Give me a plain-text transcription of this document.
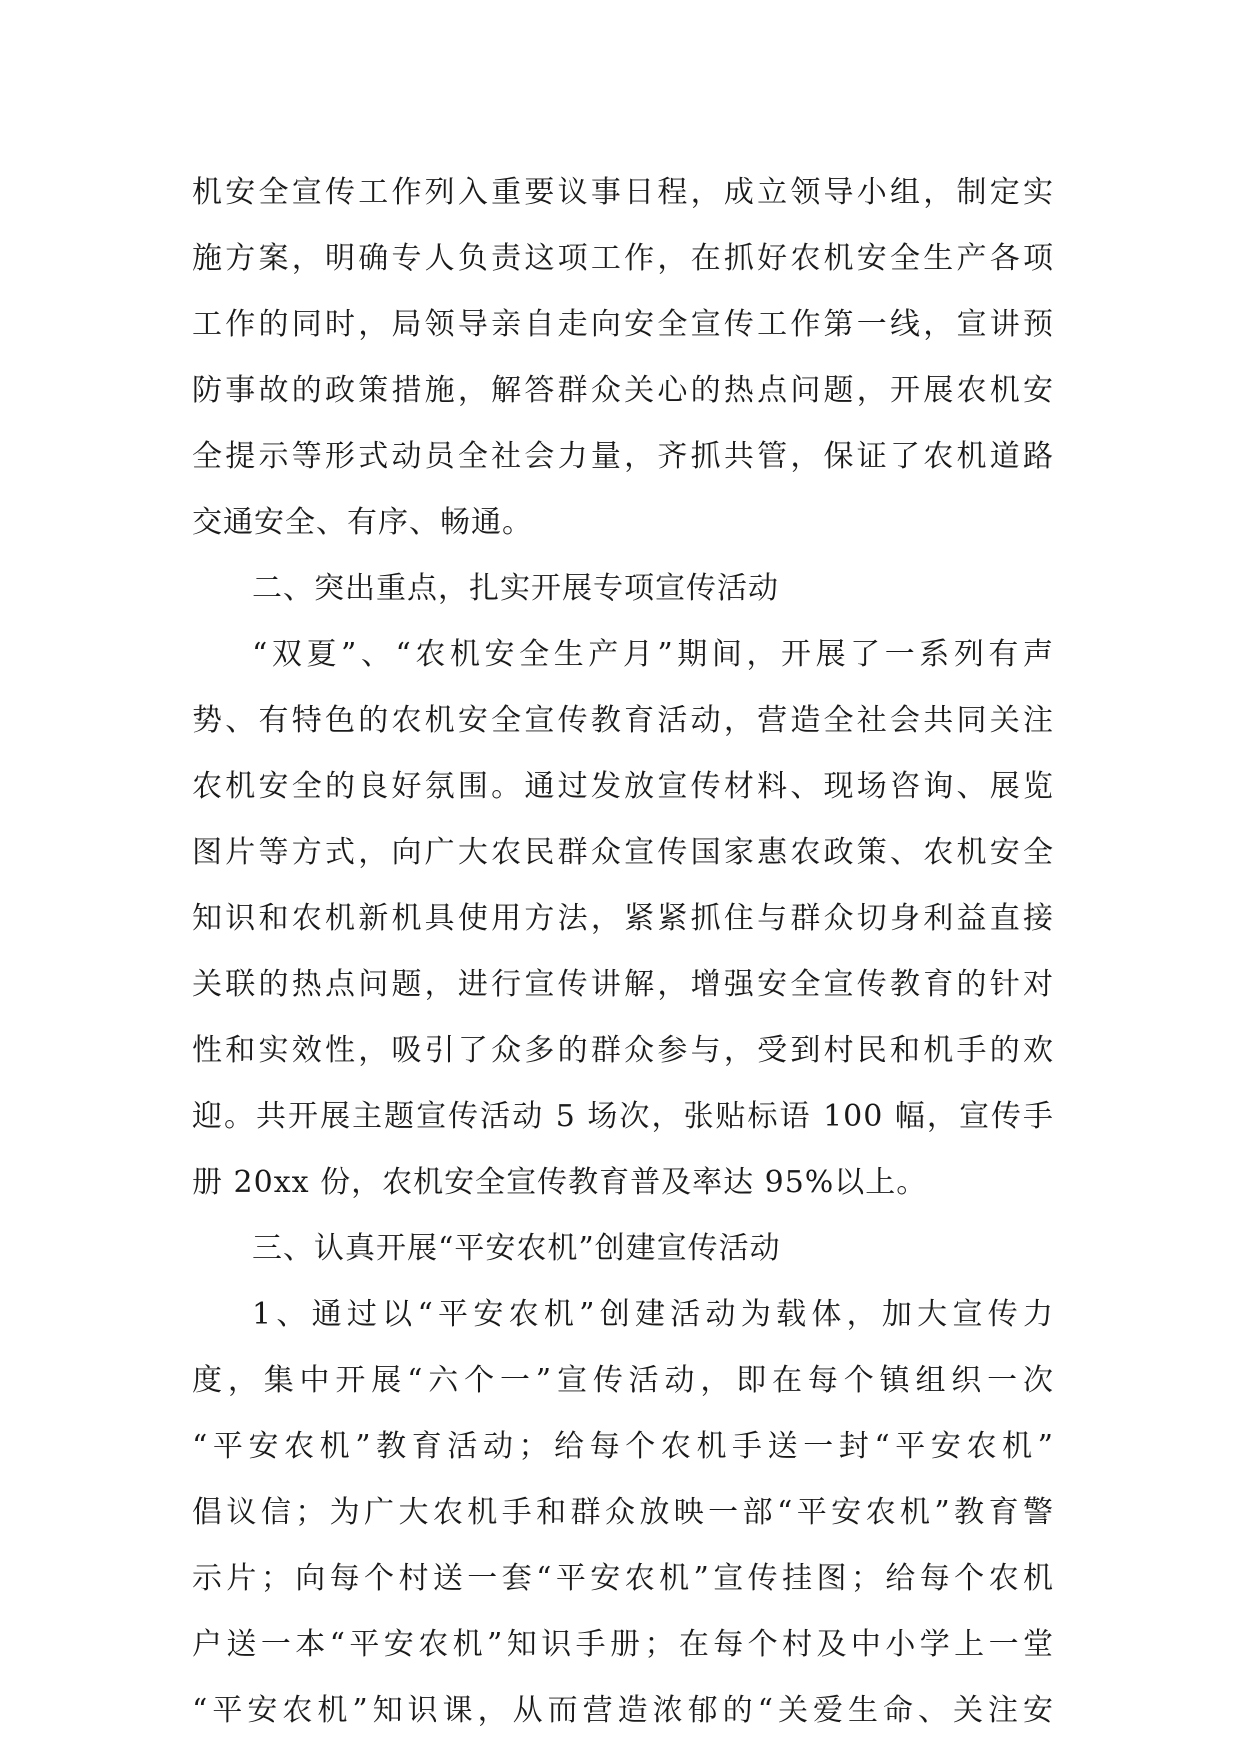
机安全宣传工作列入重要议事日程，成立领导小组，制定实
施方案，明确专人负责这项工作，在抓好农机安全生产各项
工作的同时，局领导亲自走向安全宣传工作第一线，宣讲预
防事故的政策措施，解答群众关心的热点问题，开展农机安
全提示等形式动员全社会力量，齐抓共管，保证了农机道路
交通安全、有序、畅通。
二、突出重点，扎实开展专项宣传活动
“双夏”、“农机安全生产月”期间，开展了一系列有声
势、有特色的农机安全宣传教育活动，营造全社会共同关注
农机安全的良好氛围。通过发放宣传材料、现场咨询、展览
图片等方式，向广大农民群众宣传国家惠农政策、农机安全
知识和农机新机具使用方法，紧紧抓住与群众切身利益直接
关联的热点问题，进行宣传讲解，增强安全宣传教育的针对
性和实效性，吸引了众多的群众参与，受到村民和机手的欢
迎。共开展主题宣传活动 5 场次，张贴标语 100 幅，宣传手
册 20xx 份，农机安全宣传教育普及率达 95%以上。
三、认真开展“平安农机”创建宣传活动
1、通过以“平安农机”创建活动为载体，加大宣传力
度，集中开展“六个一”宣传活动，即在每个镇组织一次
“平安农机”教育活动；给每个农机手送一封“平安农机”
倡议信；为广大农机手和群众放映一部“平安农机”教育警
示片；向每个村送一套“平安农机”宣传挂图；给每个农机
户送一本“平安农机”知识手册；在每个村及中小学上一堂
“平安农机”知识课，从而营造浓郁的“关爱生命、关注安
